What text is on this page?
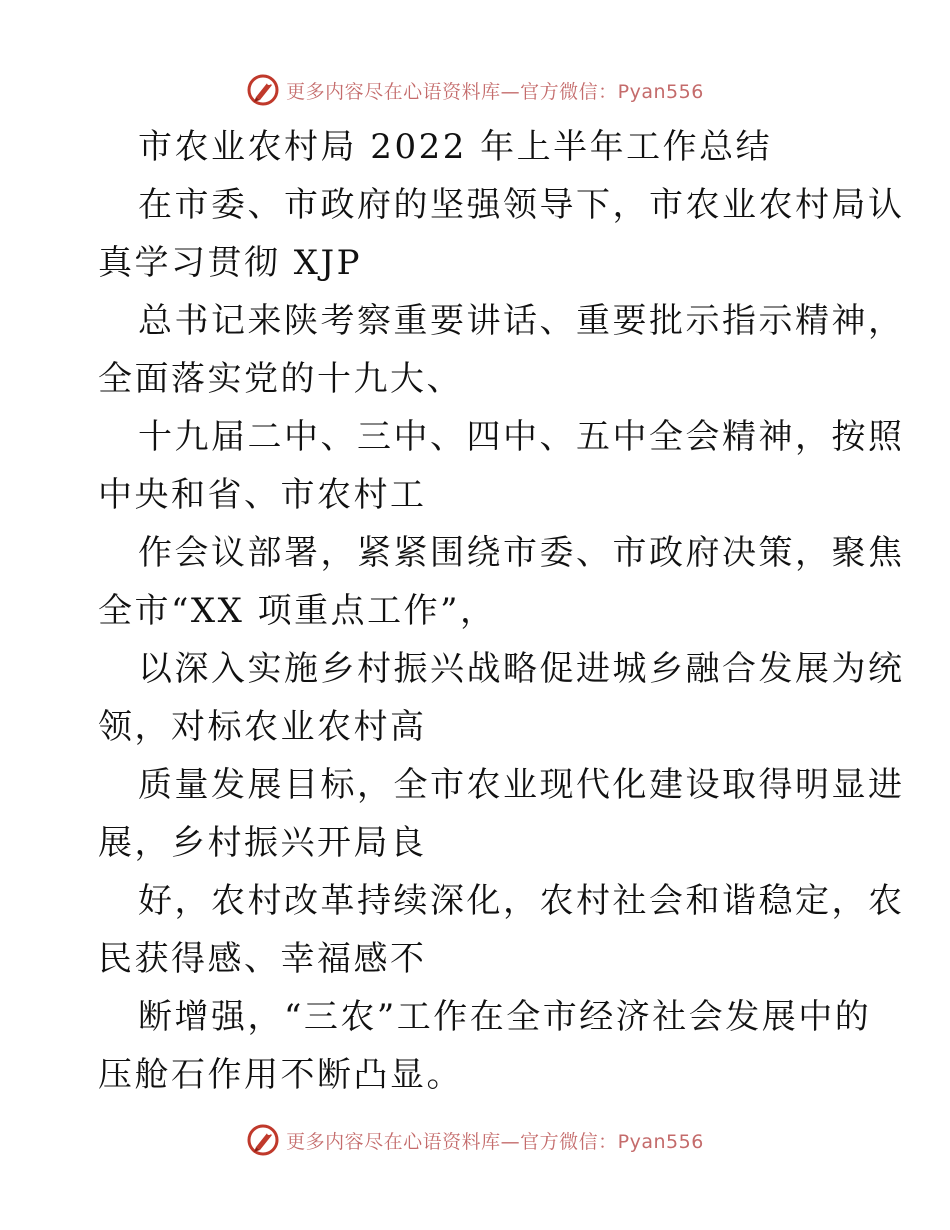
更多内容尽在心语资料库—官方微信：Pyan556
市农业农村局 2022 年上半年工作总结
在市委、市政府的坚强领导下，市农业农村局认
真学习贯彻 XJP
总书记来陕考察重要讲话、重要批示指示精神，
全面落实党的十九大、
十九届二中、三中、四中、五中全会精神，按照
中央和省、市农村工
作会议部署，紧紧围绕市委、市政府决策，聚焦
全市“XX 项重点工作”，
以深入实施乡村振兴战略促进城乡融合发展为统
领，对标农业农村高
质量发展目标，全市农业现代化建设取得明显进
展，乡村振兴开局良
好，农村改革持续深化，农村社会和谐稳定，农
民获得感、幸福感不
断增强，“三农”工作在全市经济社会发展中的
压舱石作用不断凸显。
更多内容尽在心语资料库—官方微信：Pyan556
